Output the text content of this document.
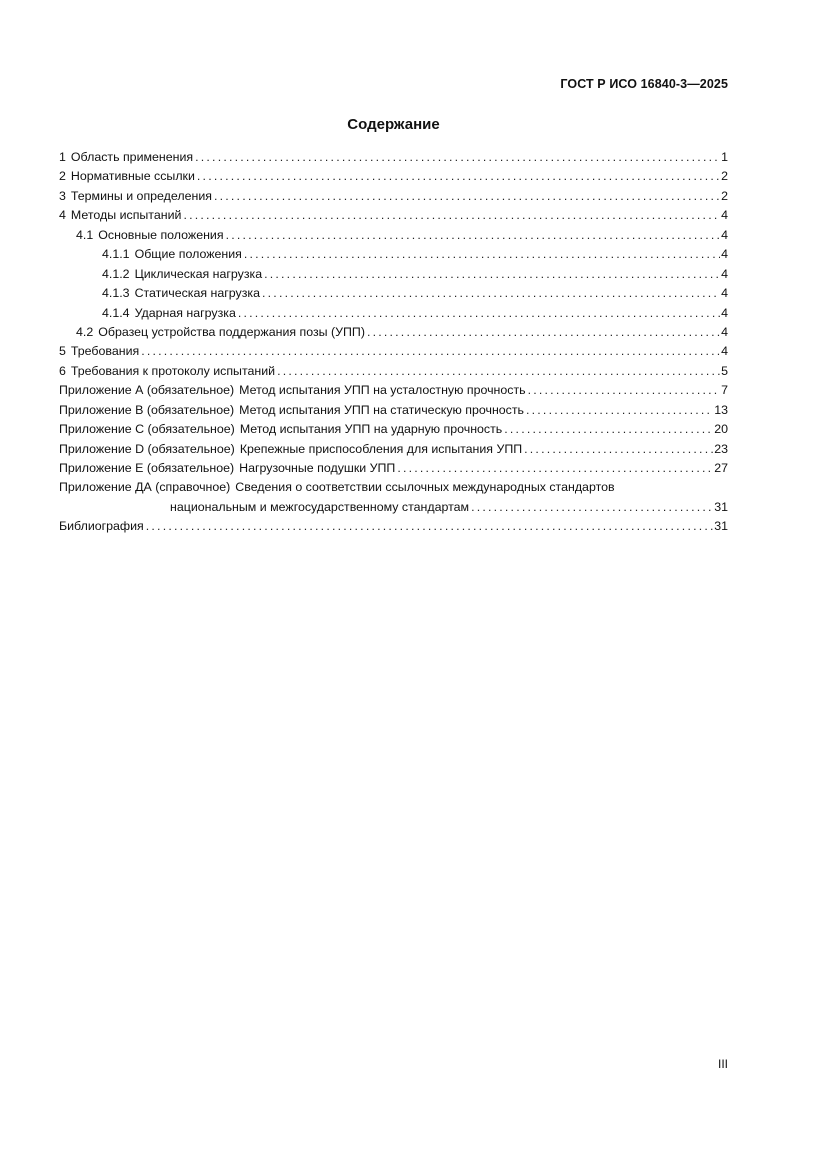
ГОСТ Р ИСО 16840-3—2025
Содержание
1 Область применения .....	1
2 Нормативные ссылки .....	2
3 Термины и определения .....	2
4 Методы испытаний .....	4
4.1 Основные положения .....	4
4.1.1 Общие положения .....	4
4.1.2 Циклическая нагрузка .....	4
4.1.3 Статическая нагрузка .....	4
4.1.4 Ударная нагрузка .....	4
4.2 Образец устройства поддержания позы (УПП) .....	4
5 Требования .....	4
6 Требования к протоколу испытаний .....	5
Приложение А (обязательное) Метод испытания УПП на усталостную прочность .....	7
Приложение В (обязательное) Метод испытания УПП на статическую прочность .....	13
Приложение С (обязательное) Метод испытания УПП на ударную прочность .....	20
Приложение D (обязательное) Крепежные приспособления для испытания УПП .....	23
Приложение Е (обязательное) Нагрузочные подушки УПП .....	27
Приложение ДА (справочное) Сведения о соответствии ссылочных международных стандартов
национальным и межгосударственному стандартам .....	31
Библиография .....	31
III
